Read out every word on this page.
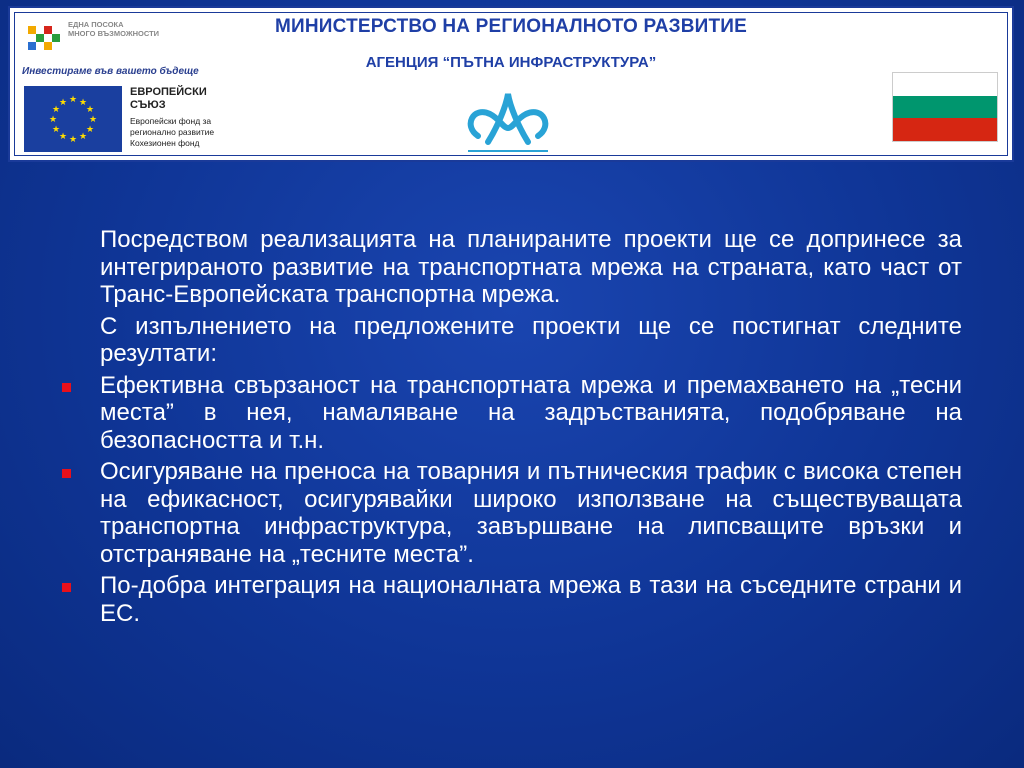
ЕДНА ПОСОКА
МНОГО ВЪЗМОЖНОСТИ
Инвестираме във вашето бъдеще
★ ★
★
★
★
★
★
★
★
★
★
★
ЕВРОПЕЙСКИ
СЪЮЗ
Европейски фонд за
регионално развитие
Кохезионен фонд
МИНИСТЕРСТВО НА РЕГИОНАЛНОТО РАЗВИТИЕ
АГЕНЦИЯ “ПЪТНА ИНФРАСТРУКТУРА”

Посредством реализацията на планираните проекти ще се допринесе за интегрираното развитие на транспортната мрежа на страната, като част от Транс-Европейската транспортна мрежа.

С изпълнението на предложените проекти ще се постигнат следните резултати:

Ефективна свързаност на транспортната мрежа и премахването на „тесни места” в нея, намаляване на задръстванията, подобряване на безопасността и т.н.
Осигуряване на преноса на товарния и пътническия трафик с висока степен на ефикасност, осигурявайки широко използване на съществуващата транспортна инфраструктура, завършване на липсващите връзки и отстраняване на „тесните места”.
По-добра интеграция на националната мрежа в тази на съседните страни и ЕС.
